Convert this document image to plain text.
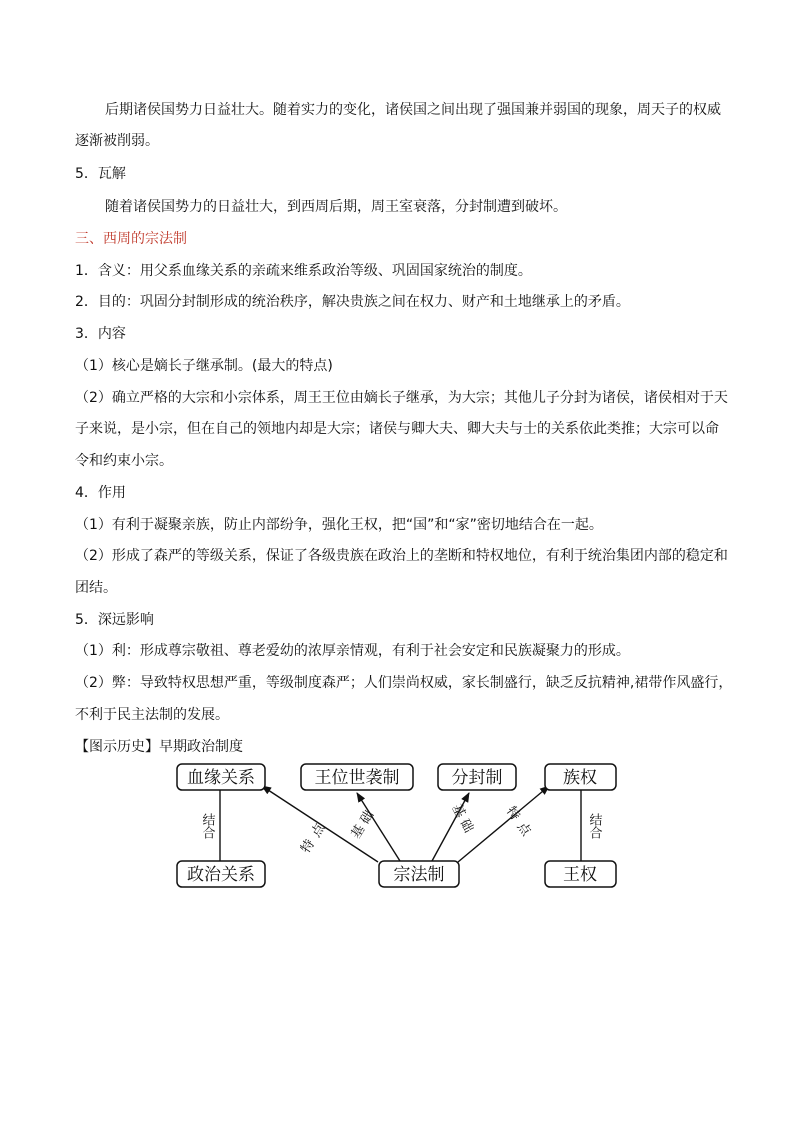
后期诸侯国势力日益壮大。随着实力的变化，诸侯国之间出现了强国兼并弱国的现象，周天子的权威
逐渐被削弱。
5．瓦解
随着诸侯国势力的日益壮大，到西周后期，周王室衰落，分封制遭到破坏。
三、西周的宗法制
1．含义：用父系血缘关系的亲疏来维系政治等级、巩固国家统治的制度。
2．目的：巩固分封制形成的统治秩序，解决贵族之间在权力、财产和土地继承上的矛盾。
3．内容
（1）核心是嫡长子继承制。(最大的特点)
（2）确立严格的大宗和小宗体系，周王王位由嫡长子继承，为大宗；其他儿子分封为诸侯，诸侯相对于天
子来说，是小宗，但在自己的领地内却是大宗；诸侯与卿大夫、卿大夫与士的关系依此类推；大宗可以命
令和约束小宗。
4．作用
（1）有利于凝聚亲族，防止内部纷争，强化王权，把“国”和“家”密切地结合在一起。
（2）形成了森严的等级关系，保证了各级贵族在政治上的垄断和特权地位，有利于统治集团内部的稳定和
团结。
5．深远影响
（1）利：形成尊宗敬祖、尊老爱幼的浓厚亲情观，有利于社会安定和民族凝聚力的形成。
（2）弊：导致特权思想严重，等级制度森严；人们崇尚权威，家长制盛行，缺乏反抗精神,裙带作风盛行，
不利于民主法制的发展。
【图示历史】早期政治制度
血缘关系
政治关系
王位世袭制	分封制	族权
宗法制	王权
结合	结合
特点 基础	基础 特点
